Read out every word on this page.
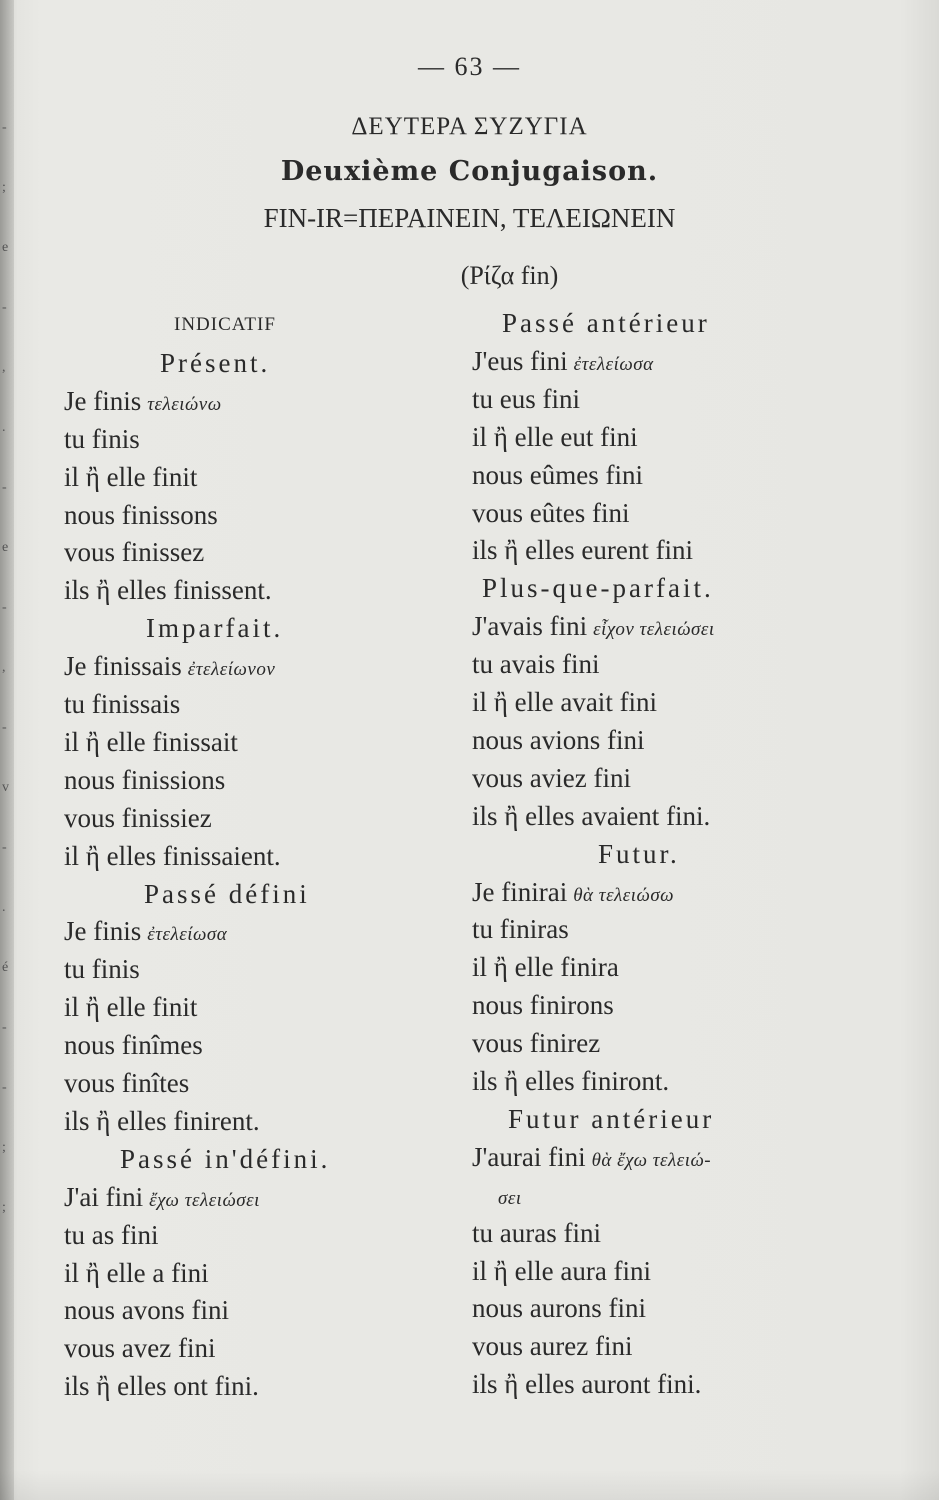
-
;
e
-
,
.
-
e
-
,
-
v
-
.
é
-
-
;
;
— 63 —
ΔΕΥΤΕΡΑ ΣΥΖΥΓΙΑ
Deuxième Conjugaison.
FIN-IR=ΠΕΡΑΙΝΕΙΝ, ΤΕΛΕΙΩΝΕΙΝ
(Ρίζα fin)
INDICATIF
Présent.
Je finis τελειώνω
tu finis
il ἢ elle finit
nous finissons
vous finissez
ils ἢ elles finissent.
Imparfait.
Je finissais ἐτελείωνον
tu finissais
il ἢ elle finissait
nous finissions
vous finissiez
il ἢ elles finissaient.
Passé défini
Je finis ἐτελείωσα
tu finis
il ἢ elle finit
nous finîmes
vous finîtes
ils ἢ elles finirent.
Passé in'défini.
J'ai fini ἔχω τελειώσει
tu as fini
il ἢ elle a fini
nous avons fini
vous avez fini
ils ἢ elles ont fini.
Passé antérieur
J'eus fini ἐτελείωσα
tu eus fini
il ἢ elle eut fini
nous eûmes fini
vous eûtes fini
ils ἢ elles eurent fini
Plus-que-parfait.
J'avais fini εἶχον τελειώσει
tu avais fini
il ἢ elle avait fini
nous avions fini
vous aviez fini
ils ἢ elles avaient fini.
Futur.
Je finirai θὰ τελειώσω
tu finiras
il ἢ elle finira
nous finirons
vous finirez
ils ἢ elles finiront.
Futur antérieur
J'aurai fini θὰ ἔχω τελειώ-
σει
tu auras fini
il ἢ elle aura fini
nous aurons fini
vous aurez fini
ils ἢ elles auront fini.
